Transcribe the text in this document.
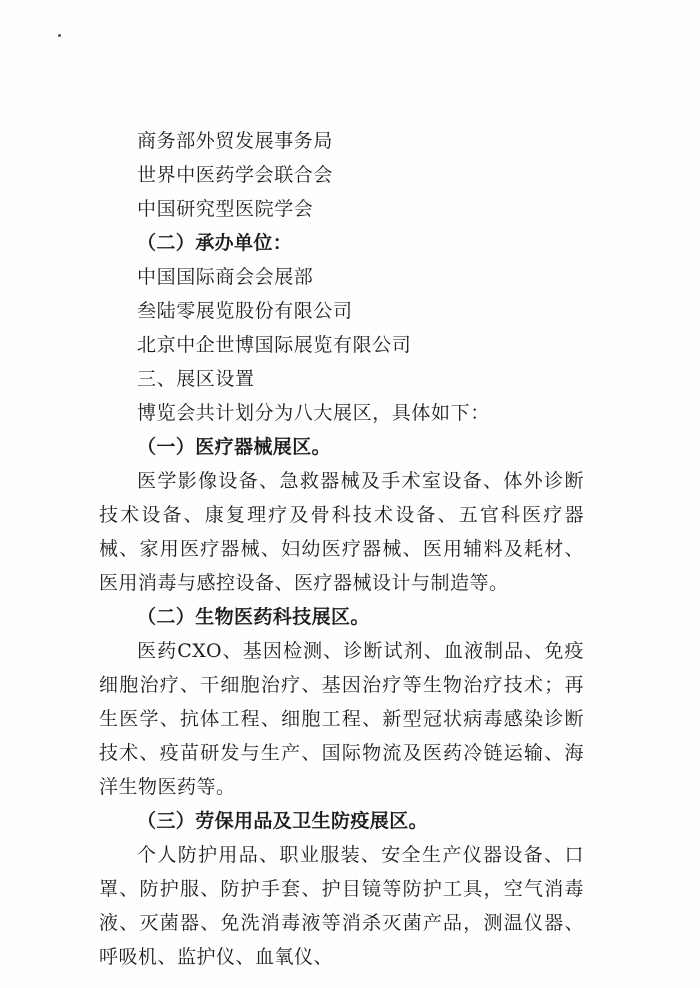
商务部外贸发展事务局
世界中医药学会联合会
中国研究型医院学会
（二）承办单位：
中国国际商会会展部
叁陆零展览股份有限公司
北京中企世博国际展览有限公司
三、展区设置
博览会共计划分为八大展区，具体如下：
（一）医疗器械展区。
医学影像设备、急救器械及手术室设备、体外诊断技术设备、康复理疗及骨科技术设备、五官科医疗器械、家用医疗器械、妇幼医疗器械、医用辅料及耗材、医用消毒与感控设备、医疗器械设计与制造等。
（二）生物医药科技展区。
医药CXO、基因检测、诊断试剂、血液制品、免疫细胞治疗、干细胞治疗、基因治疗等生物治疗技术；再生医学、抗体工程、细胞工程、新型冠状病毒感染诊断技术、疫苗研发与生产、国际物流及医药冷链运输、海洋生物医药等。
（三）劳保用品及卫生防疫展区。
个人防护用品、职业服装、安全生产仪器设备、口罩、防护服、防护手套、护目镜等防护工具，空气消毒液、灭菌器、免洗消毒液等消杀灭菌产品，测温仪器、呼吸机、监护仪、血氧仪、
